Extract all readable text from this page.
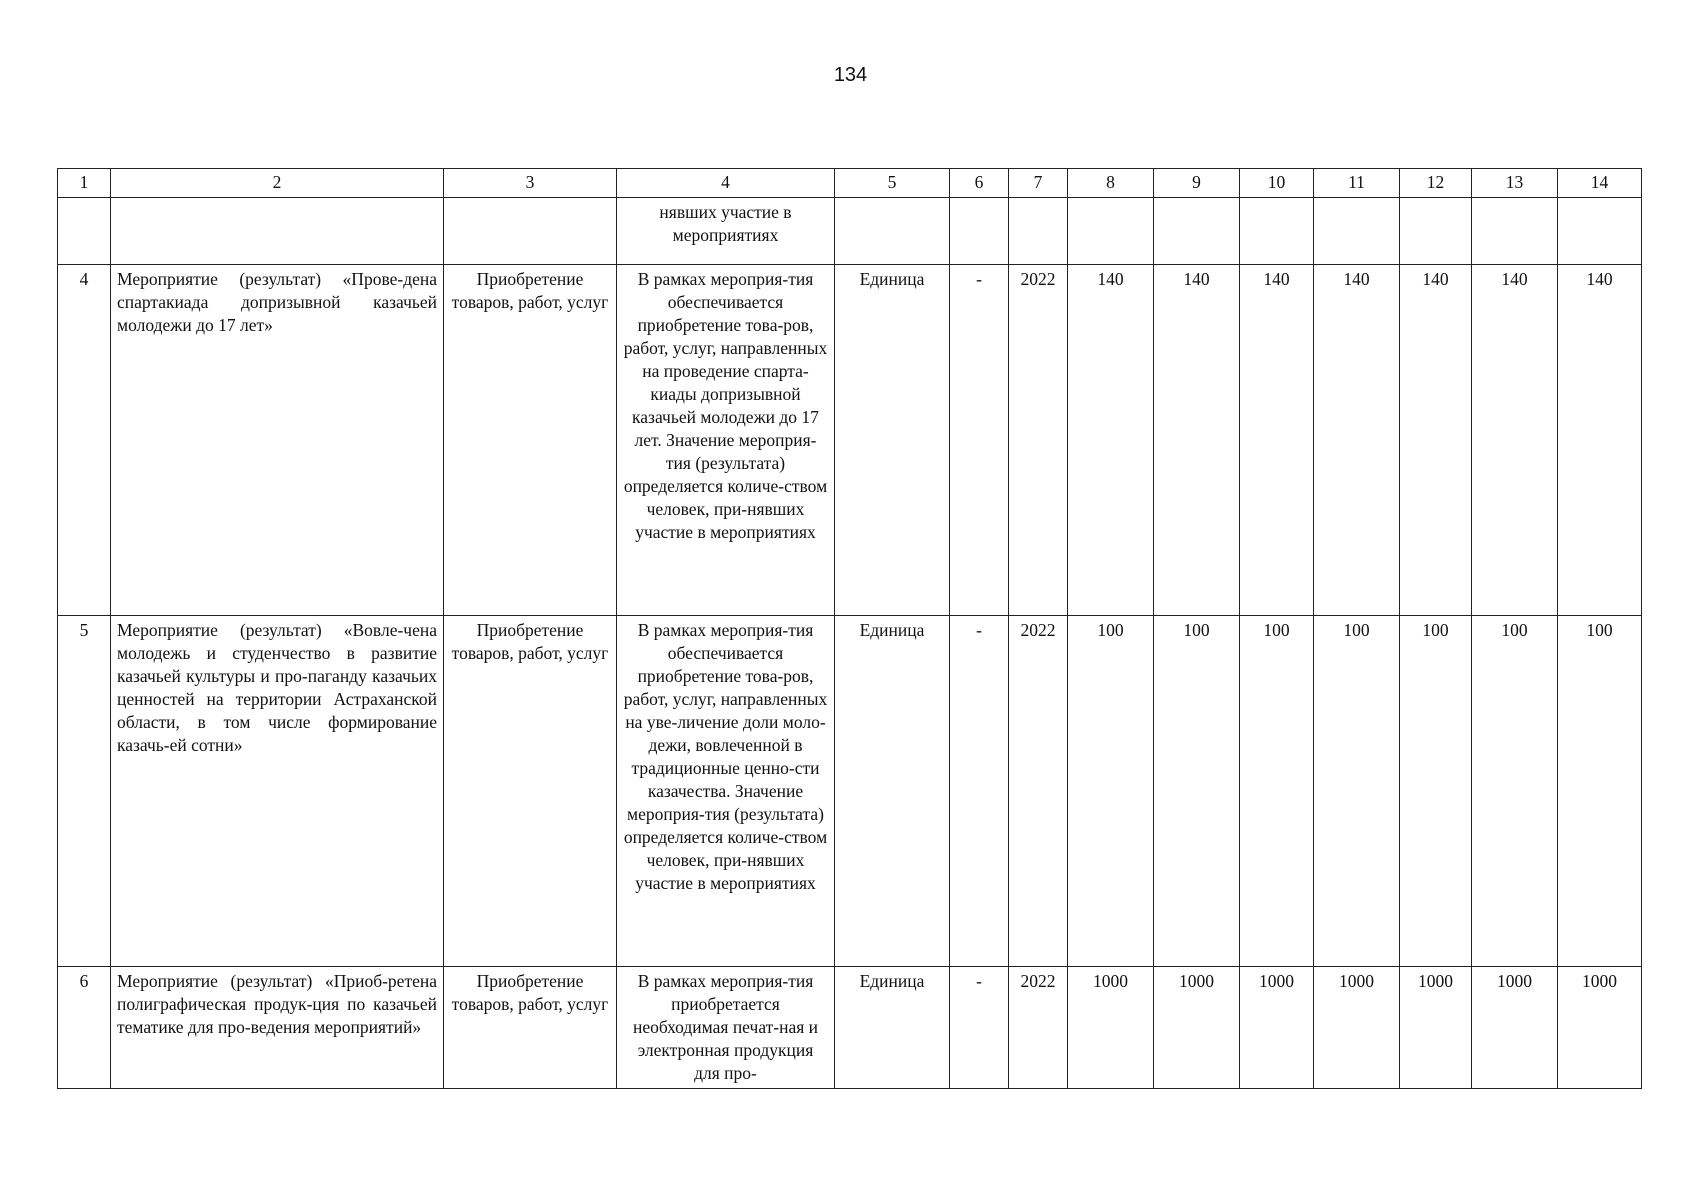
134
1	2	3	4	5	6	7	8	9	10	11	12	13	14
			нявших участие в мероприятиях										
4	Мероприятие (результат) «Прове-дена спартакиада допризывной казачьей молодежи до 17 лет»	Приобретение товаров, работ, услуг	В рамках мероприя-тия обеспечивается приобретение това-ров, работ, услуг, направленных на проведение спарта-киады допризывной казачьей молодежи до 17 лет. Значение мероприя-тия (результата) определяется количе-ством человек, при-нявших участие в мероприятиях	Единица	-	2022	140	140	140	140	140	140	140
5	Мероприятие (результат) «Вовле-чена молодежь и студенчество в развитие казачьей культуры и про-паганду казачьих ценностей на территории Астраханской области, в том числе формирование казачь-ей сотни»	Приобретение товаров, работ, услуг	В рамках мероприя-тия обеспечивается приобретение това-ров, работ, услуг, направленных на уве-личение доли моло-дежи, вовлеченной в традиционные ценно-сти казачества. Значение мероприя-тия (результата) определяется количе-ством человек, при-нявших участие в мероприятиях	Единица	-	2022	100	100	100	100	100	100	100
6	Мероприятие (результат) «Приоб-ретена полиграфическая продук-ция по казачьей тематике для про-ведения мероприятий»	Приобретение товаров, работ, услуг	В рамках мероприя-тия приобретается необходимая печат-ная и электронная продукция для про-	Единица	-	2022	1000	1000	1000	1000	1000	1000	1000
